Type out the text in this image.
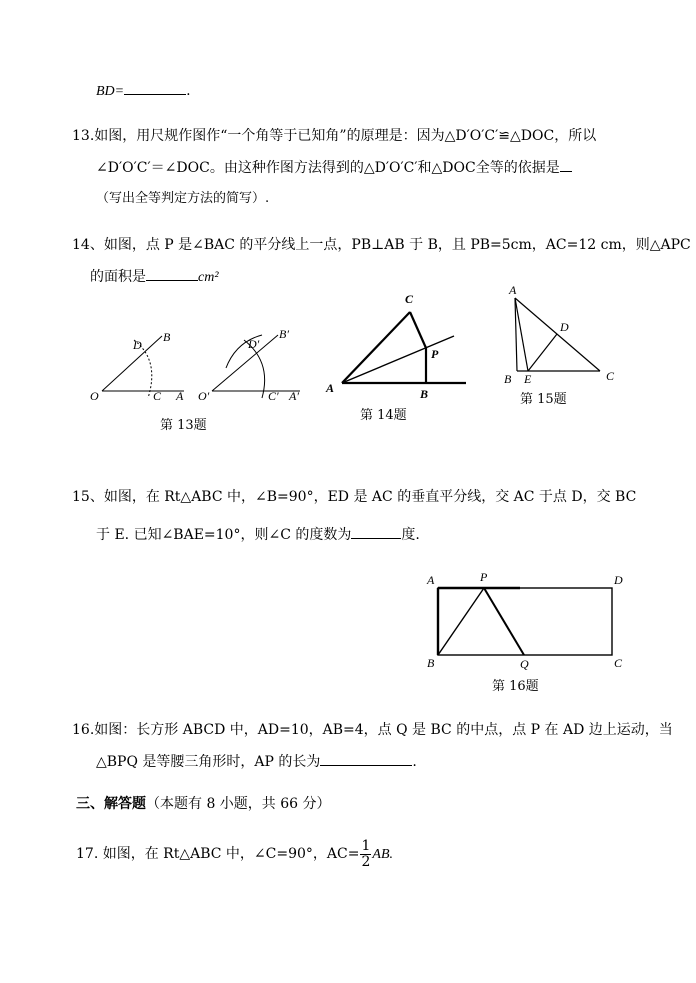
BD=	.
13.如图，用尺规作图作“一个角等于已知角”的原理是：因为△D′O′C′≌△DOC，所以
∠D′O′C′＝∠DOC。由这种作图方法得到的△D′O′C′和△DOC全等的依据是
（写出全等判定方法的简写）.
14、如图，点 P 是∠BAC 的平分线上一点，PB⊥AB 于 B，且 PB=5cm，AC=12 cm，则△APC
的面积是	cm²
B
D
O	C A
B′
D′
O′	C′ A′
第 13题
C
P
A	B
第 14题
A
D
B E	C
第 15题
15、如图，在 Rt△ABC 中，∠B=90°，ED 是 AC 的垂直平分线，交 AC 于点 D，交 BC
于 E. 已知∠BAE=10°，则∠C 的度数为	度.
A	P	D
B	Q	C
第 16题
16.如图：长方形 ABCD 中，AD=10，AB=4，点 Q 是 BC 的中点，点 P 在 AD 边上运动，当
△BPQ 是等腰三角形时，AP 的长为	.
三、解答题（本题有 8 小题，共 66 分）
17. 如图，在 Rt△ABC 中，∠C=90°，$AC= \frac{1}{2}$ AB.
